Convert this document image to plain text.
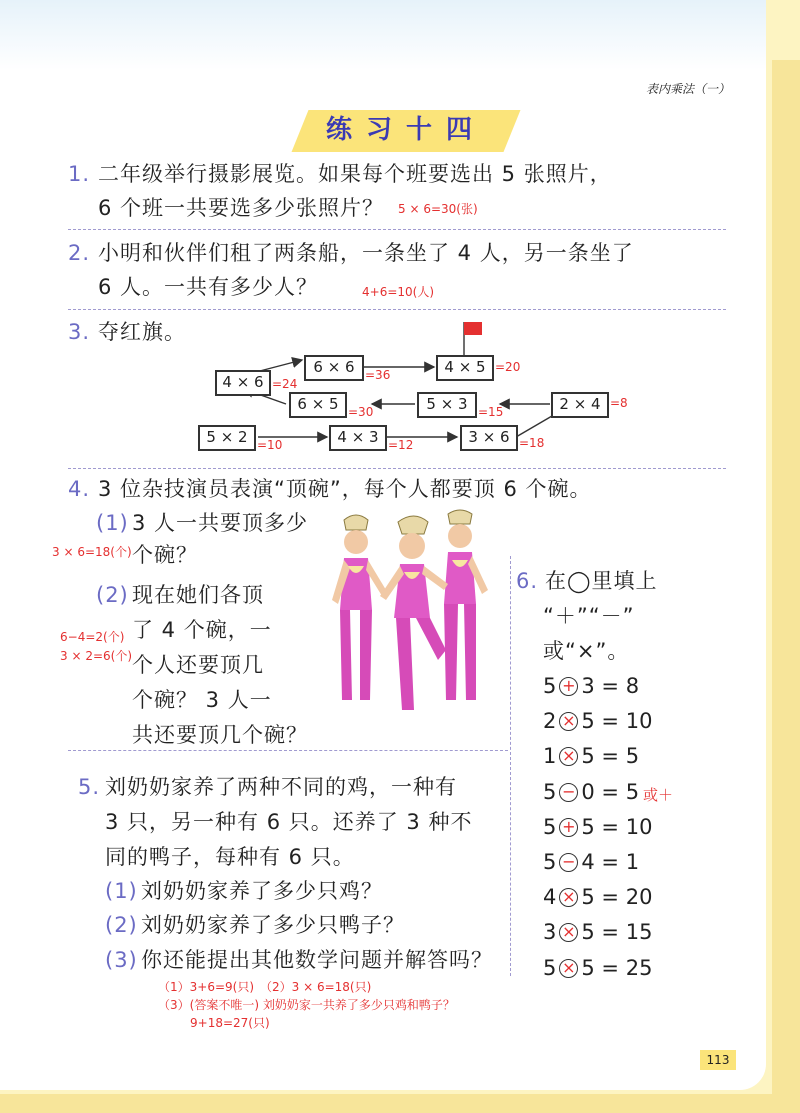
表内乘法（一）
练习十四
1. 二年级举行摄影展览。如果每个班要选出 5 张照片，
6 个班一共要选多少张照片？ 5 × 6=30(张)
2. 小明和伙伴们租了两条船，一条坐了 4 人，另一条坐了
6 人。一共有多少人？	4+6=10(人)
3. 夺红旗。
4 × 6
6 × 6	4 × 5
6 × 5	5 × 3	2 × 4
5 × 2	4 × 3	3 × 6
=24
=36
=20
=30	=15
=8
=10	=12	=18
4. 3 位杂技演员表演“顶碗”，每个人都要顶 6 个碗。
(1) 3 人一共要顶多少
3 × 6=18(个) 个碗？
(2) 现在她们各顶
了 4 个碗，一
6−4=2(个)
3 × 2=6(个) 个人还要顶几
个碗？ 3 人一
共还要顶几个碗？
6. 在◯里填上
“＋”“－”
或“×”。
5 + 3 = 8
2 × 5 = 10
1 × 5 = 5
5 − 0 = 5 或＋
5 + 5 = 10
5 − 4 = 1
4 × 5 = 20
3 × 5 = 15
5 × 5 = 25
5. 刘奶奶家养了两种不同的鸡，一种有
3 只，另一种有 6 只。还养了 3 种不
同的鸭子，每种有 6 只。
(1) 刘奶奶家养了多少只鸡？
(2) 刘奶奶家养了多少只鸭子？
(3) 你还能提出其他数学问题并解答吗？
（1）3+6=9(只)　（2）3 × 6=18(只)
（3）(答案不唯一) 刘奶奶家一共养了多少只鸡和鸭子？
9+18=27(只)
113
